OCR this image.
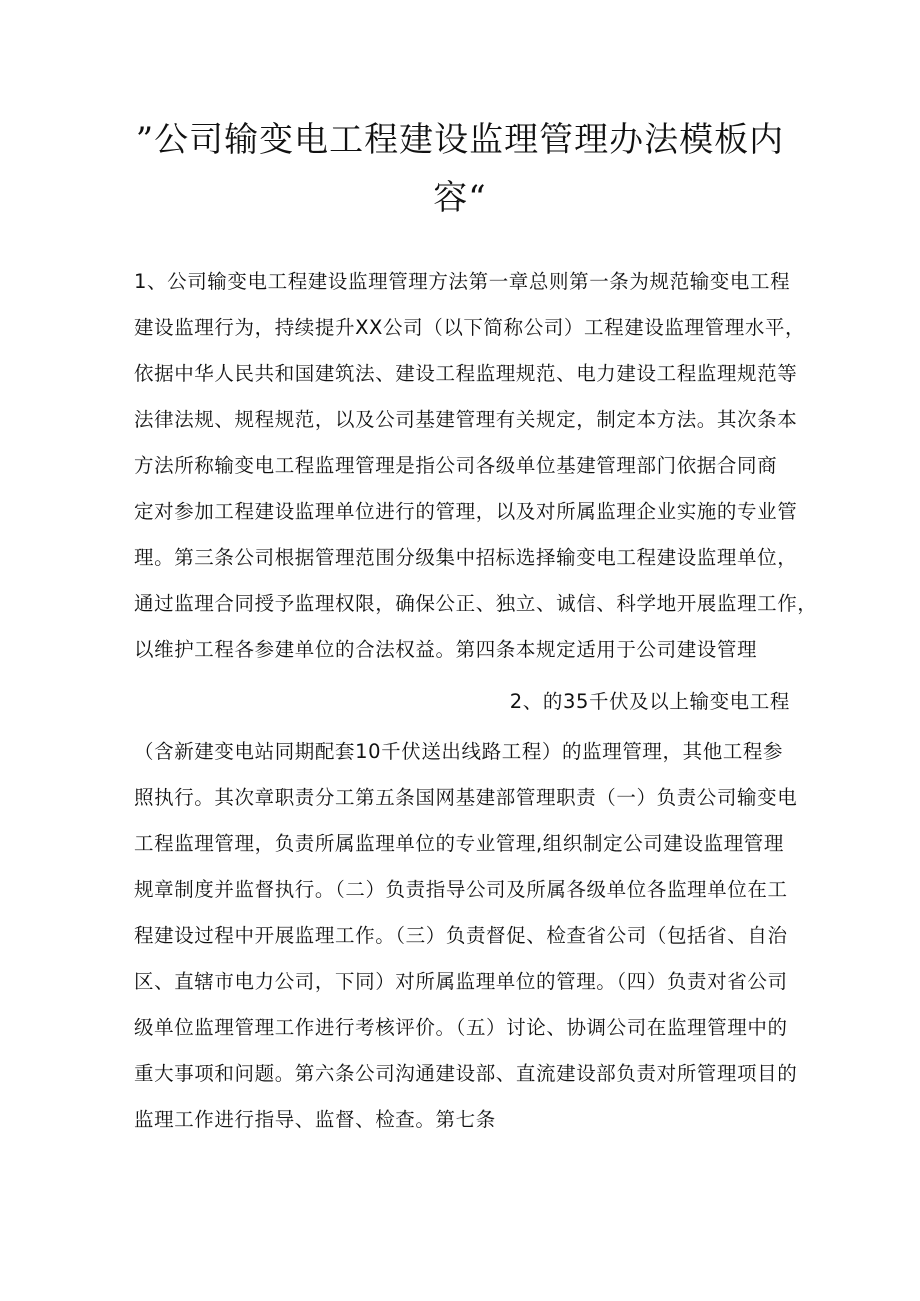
”公司输变电工程建设监理管理办法模板内
容“
1、公司输变电工程建设监理管理方法第一章总则第一条为规范输变电工程
建设监理行为，持续提升XX公司（以下简称公司）工程建设监理管理水平，
依据中华人民共和国建筑法、建设工程监理规范、电力建设工程监理规范等
法律法规、规程规范，以及公司基建管理有关规定，制定本方法。其次条本
方法所称输变电工程监理管理是指公司各级单位基建管理部门依据合同商
定对参加工程建设监理单位进行的管理，以及对所属监理企业实施的专业管
理。第三条公司根据管理范围分级集中招标选择输变电工程建设监理单位，
通过监理合同授予监理权限，确保公正、独立、诚信、科学地开展监理工作，
以维护工程各参建单位的合法权益。第四条本规定适用于公司建设管理
2、的35千伏及以上输变电工程
（含新建变电站同期配套10千伏送出线路工程）的监理管理，其他工程参
照执行。其次章职责分工第五条国网基建部管理职责（一）负责公司输变电
工程监理管理，负责所属监理单位的专业管理,组织制定公司建设监理管理
规章制度并监督执行。（二）负责指导公司及所属各级单位各监理单位在工
程建设过程中开展监理工作。（三）负责督促、检查省公司（包括省、自治
区、直辖市电力公司，下同）对所属监理单位的管理。（四）负责对省公司
级单位监理管理工作进行考核评价。（五）讨论、协调公司在监理管理中的
重大事项和问题。第六条公司沟通建设部、直流建设部负责对所管理项目的
监理工作进行指导、监督、检查。第七条
